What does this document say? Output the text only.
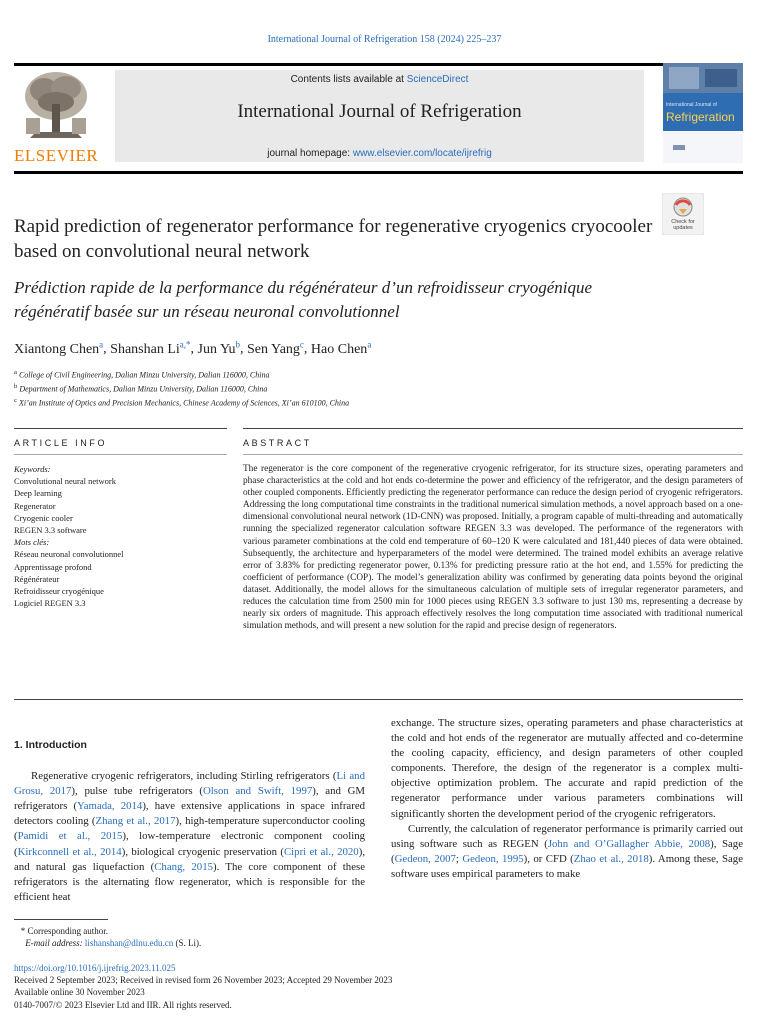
International Journal of Refrigeration 158 (2024) 225–237
ELSEVIER
Contents lists available at ScienceDirect
International Journal of Refrigeration
journal homepage: www.elsevier.com/locate/ijrefrig
International Journal of
Refrigeration
Check for
updates
Rapid prediction of regenerator performance for regenerative cryogenics cryocooler based on convolutional neural network
Prédiction rapide de la performance du régénérateur d’un refroidisseur cryogénique régénératif basée sur un réseau neuronal convolutionnel
Xiantong Chen$^a$, Shanshan $Li^{a,*}$, Jun Yu$^b$, Sen Yang$^c$, Hao Chen$^a$
$^a$ College of Civil Engineering, Dalian Minzu University, Dalian 116000, China
$^b$ Department of Mathematics, Dalian Minzu University, Dalian 116000, China
$^c$ Xi’an Institute of Optics and Precision Mechanics, Chinese Academy of Sciences, Xi’an 610100, China
ARTICLE INFO	ABSTRACT
Keywords:
Convolutional neural network
Deep learning
Regenerator
Cryogenic cooler
REGEN 3.3 software
Mots clés:
Réseau neuronal convolutionnel
Apprentissage profond
Régénérateur
Refroidisseur cryogénique
Logiciel REGEN 3.3
The regenerator is the core component of the regenerative cryogenic refrigerator, for its structure sizes, operating parameters and phase characteristics at the cold and hot ends co-determine the power and efficiency of the refrigerator, and the design parameters of other coupled components. Efficiently predicting the regenerator performance can reduce the design period of cryogenic refrigerators. Addressing the long computational time constraints in the traditional numerical simulation methods, a novel approach based on a one-dimensional convolutional neural network (1D-CNN) was proposed. Initially, a program capable of multi-threading and automatically running the specialized regenerator calculation software REGEN 3.3 was developed. The performance of the regenerators with various parameter combinations at the cold end temperature of 60–120 K were calculated and 181,440 pieces of data were obtained. Subsequently, the architecture and hyperparameters of the model were determined. The trained model exhibits an average relative error of 3.83% for predicting regenerator power, 0.13% for predicting pressure ratio at the hot end, and 1.55% for predicting the coefficient of performance (COP). The model’s generalization ability was confirmed by generating data points beyond the original dataset. Additionally, the model allows for the simultaneous calculation of multiple sets of irregular regenerator parameters, and reduces the calculation time from 2500 min for 1000 pieces using REGEN 3.3 software to just 130 ms, representing a decrease by nearly six orders of magnitude. This approach effectively resolves the long computation time associated with traditional numerical simulation methods, and will present a new solution for the rapid and precise design of regenerators.
1. Introduction

Regenerative cryogenic refrigerators, including Stirling refrigerators (Li and Grosu, 2017), pulse tube refrigerators (Olson and Swift, 1997), and GM refrigerators (Yamada, 2014), have extensive applications in space infrared detectors cooling (Zhang et al., 2017), high-temperature superconductor cooling (Pamidi et al., 2015), low-temperature electronic component cooling (Kirkconnell et al., 2014), biological cryogenic preservation (Cipri et al., 2020), and natural gas liquefaction (Chang, 2015). The core component of these refrigerators is the alternating flow regenerator, which is responsible for the efficient heat

exchange. The structure sizes, operating parameters and phase characteristics at the cold and hot ends of the regenerator are mutually affected and co-determine the cooling capacity, efficiency, and design parameters of other coupled components. Therefore, the design of the regenerator is a complex multi-objective optimization problem. The accurate and rapid prediction of the regenerator performance under various parameters combinations will significantly shorten the development period of the cryogenic refrigerators.

Currently, the calculation of regenerator performance is primarily carried out using software such as REGEN (John and O’Gallagher Abbie, 2008), Sage (Gedeon, 2007; Gedeon, 1995), or CFD (Zhao et al., 2018). Among these, Sage software uses empirical parameters to make

* Corresponding author.
E-mail address: lishanshan@dlnu.edu.cn (S. Li).
https://doi.org/10.1016/j.ijrefrig.2023.11.025
Received 2 September 2023; Received in revised form 26 November 2023; Accepted 29 November 2023
Available online 30 November 2023
0140-7007/© 2023 Elsevier Ltd and IIR. All rights reserved.
